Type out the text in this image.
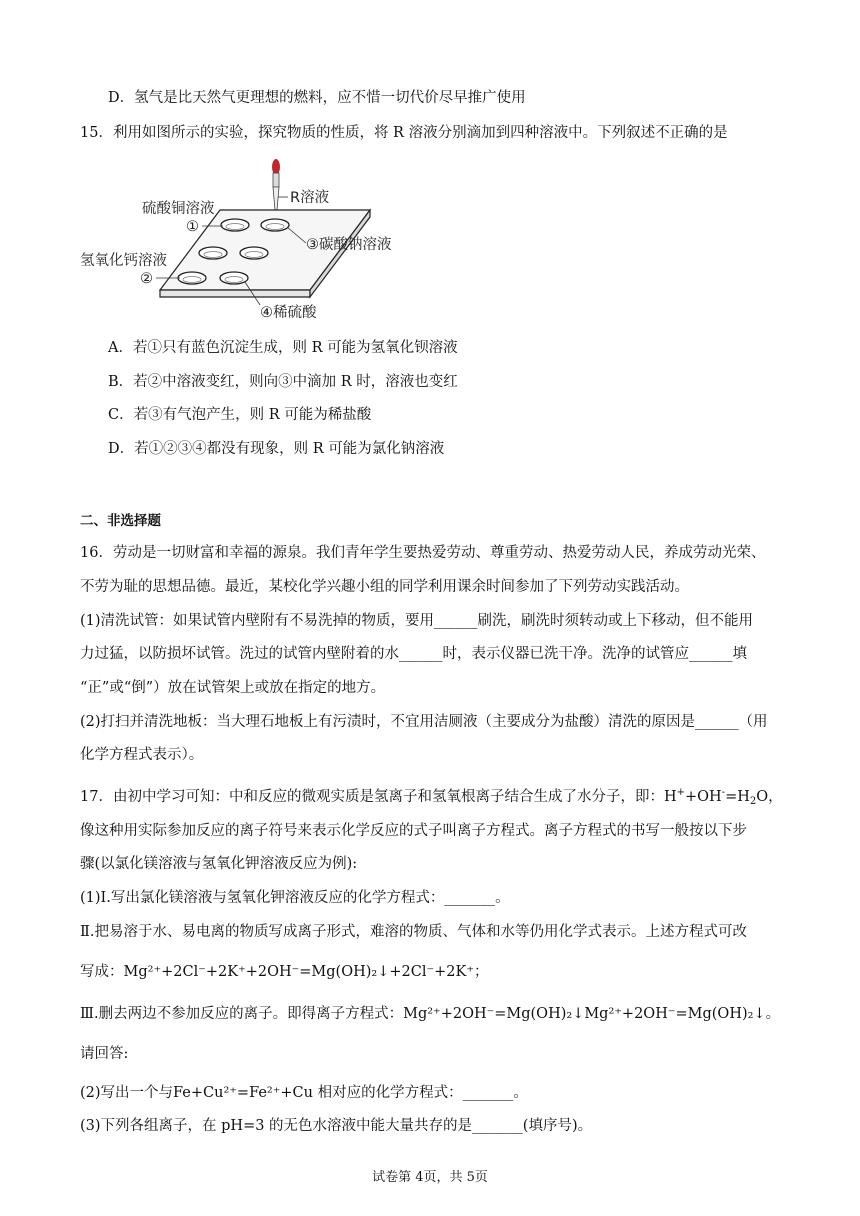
D．氢气是比天然气更理想的燃料，应不惜一切代价尽早推广使用
15．利用如图所示的实验，探究物质的性质，将 R 溶液分别滴加到四种溶液中。下列叙述不正确的是
R溶液
硫酸铜溶液
①
氢氧化钙溶液
②
③碳酸钠溶液
④稀硫酸
A．若①只有蓝色沉淀生成，则 R 可能为氢氧化钡溶液
B．若②中溶液变红，则向③中滴加 R 时，溶液也变红
C．若③有气泡产生，则 R 可能为稀盐酸
D．若①②③④都没有现象，则 R 可能为氯化钠溶液
二、非选择题
16．劳动是一切财富和幸福的源泉。我们青年学生要热爱劳动、尊重劳动、热爱劳动人民，养成劳动光荣、
不劳为耻的思想品德。最近，某校化学兴趣小组的同学利用课余时间参加了下列劳动实践活动。
(1)清洗试管：如果试管内壁附有不易洗掉的物质，要用______刷洗，刷洗时须转动或上下移动，但不能用
力过猛，以防损坏试管。洗过的试管内壁附着的水______时，表示仪器已洗干净。洗净的试管应______填
“正”或“倒”）放在试管架上或放在指定的地方。
(2)打扫并清洗地板：当大理石地板上有污渍时，不宜用洁厕液（主要成分为盐酸）清洗的原因是______（用
化学方程式表示）。
17．由初中学习可知：中和反应的微观实质是氢离子和氢氧根离子结合生成了水分子，即：$H^++OH^-=H_2O$，
像这种用实际参加反应的离子符号来表示化学反应的式子叫离子方程式。离子方程式的书写一般按以下步
骤(以氯化镁溶液与氢氧化钾溶液反应为例):
(1)Ⅰ.写出氯化镁溶液与氢氧化钾溶液反应的化学方程式：_______。
Ⅱ.把易溶于水、易电离的物质写成离子形式，难溶的物质、气体和水等仍用化学式表示。上述方程式可改
写成：Mg²⁺+2Cl⁻+2K⁺+2OH⁻=Mg(OH)₂↓+2Cl⁻+2K⁺；
Ⅲ.删去两边不参加反应的离子。即得离子方程式：Mg²⁺+2OH⁻=Mg(OH)₂↓Mg²⁺+2OH⁻=Mg(OH)₂↓。
请回答:
(2)写出一个与Fe+Cu²⁺=Fe²⁺+Cu 相对应的化学方程式：_______。
(3)下列各组离子，在 pH=3 的无色水溶液中能大量共存的是_______(填序号)。
试卷第 4页，共 5页
